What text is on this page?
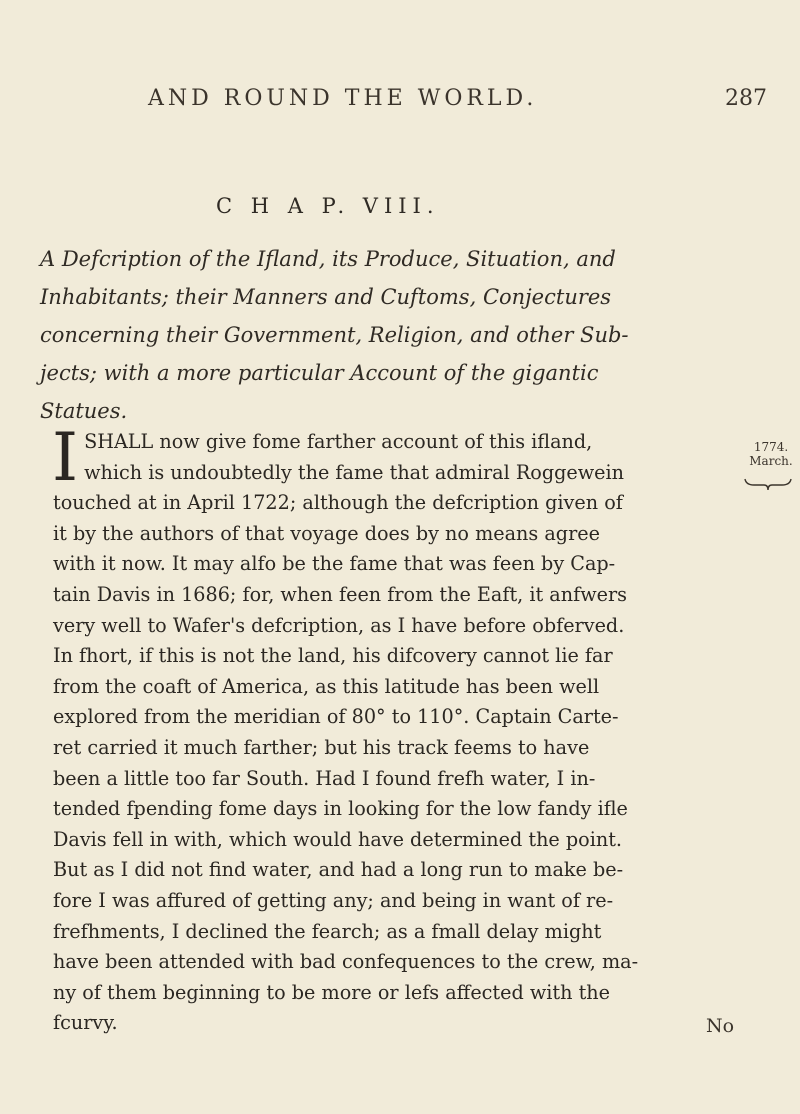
AND ROUND THE WORLD.	287
C H A P. VIII.
A Defcription of the Ifland, its Produce, Situation, and
Inhabitants; their Manners and Cuftoms, Conjectures
concerning their Government, Religion, and other Sub-
jects; with a more particular Account of the gigantic
Statues.
I SHALL now give fome farther account of this ifland,
which is undoubtedly the fame that admiral Roggewein
touched at in April 1722; although the defcription given of
it by the authors of that voyage does by no means agree
with it now. It may alfo be the fame that was feen by Cap-
tain Davis in 1686; for, when feen from the Eaft, it anfwers
very well to Wafer's defcription, as I have before obferved.
In fhort, if this is not the land, his difcovery cannot lie far
from the coaft of America, as this latitude has been well
explored from the meridian of 80° to 110°. Captain Carte-
ret carried it much farther; but his track feems to have
been a little too far South. Had I found frefh water, I in-
tended fpending fome days in looking for the low fandy ifle
Davis fell in with, which would have determined the point.
But as I did not find water, and had a long run to make be-
fore I was affured of getting any; and being in want of re-
frefhments, I declined the fearch; as a fmall delay might
have been attended with bad confequences to the crew, ma-
ny of them beginning to be more or lefs affected with the
fcurvy.
1774.
March.
No
